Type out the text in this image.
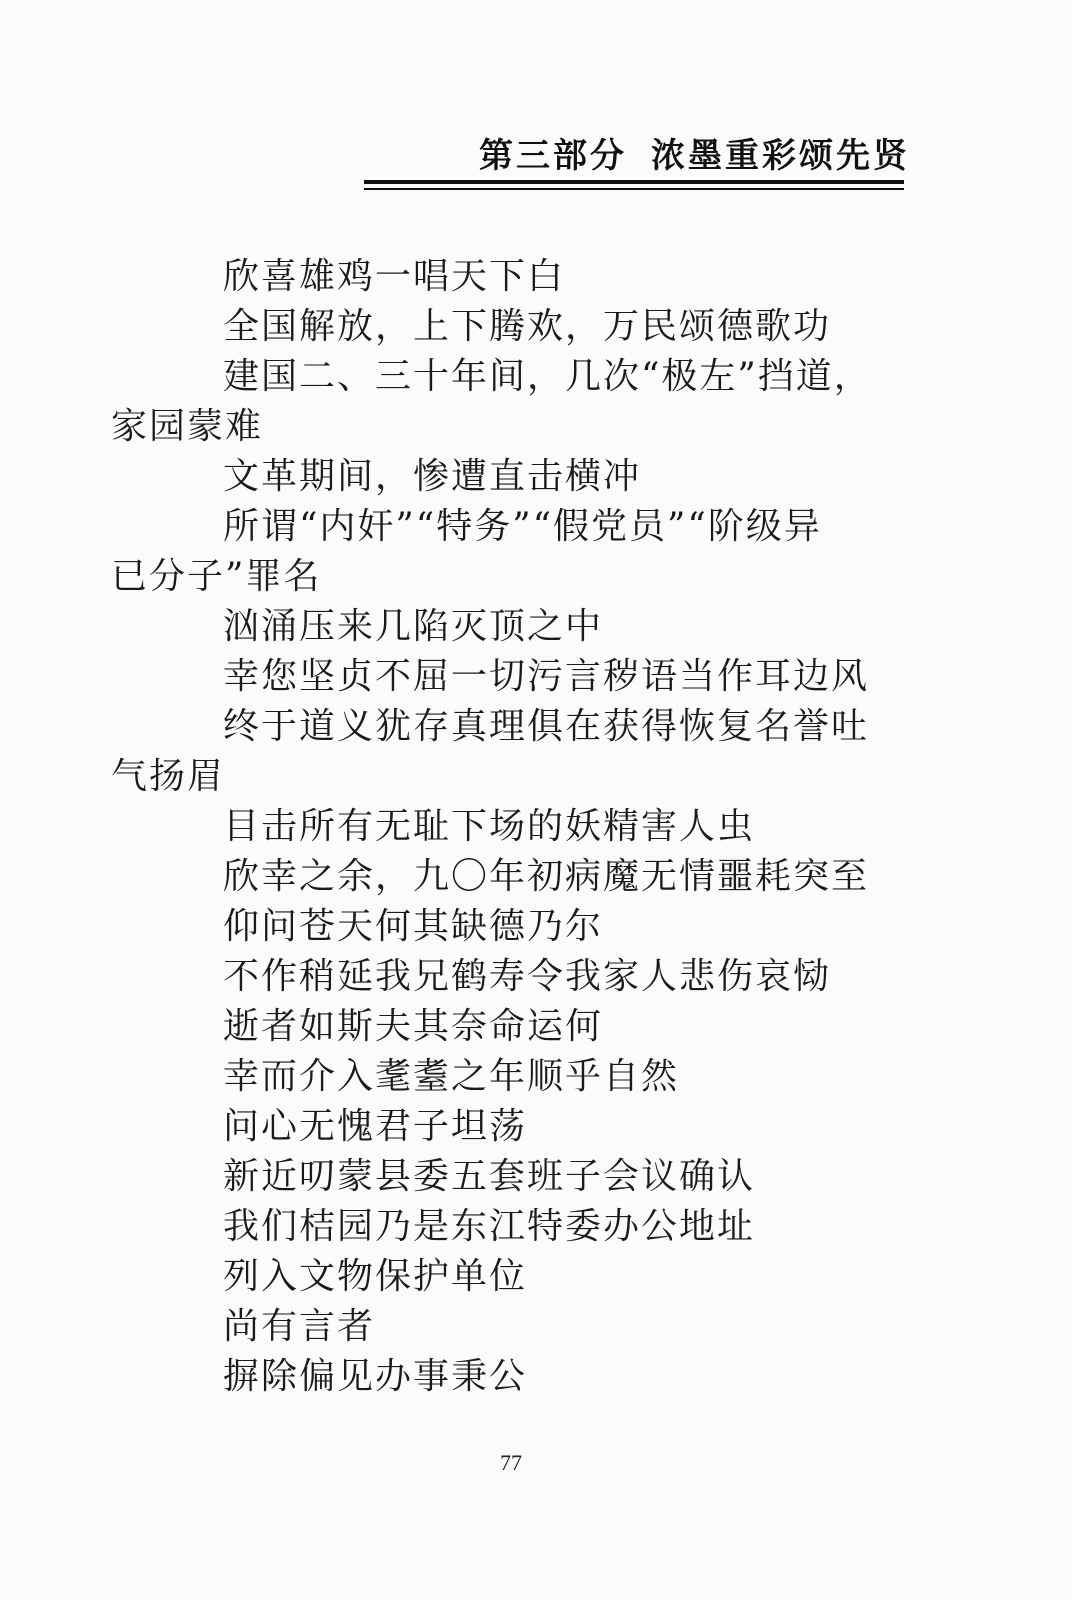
第三部分 浓墨重彩颂先贤
欣喜雄鸡一唱天下白
全国解放，上下腾欢，万民颂德歌功
建国二、三十年间，几次“极左”挡道，
家园蒙难
文革期间，惨遭直击横冲
所谓“内奸”“特务”“假党员”“阶级异
已分子”罪名
汹涌压来几陷灭顶之中
幸您坚贞不屈一切污言秽语当作耳边风
终于道义犹存真理俱在获得恢复名誉吐
气扬眉
目击所有无耻下场的妖精害人虫
欣幸之余，九〇年初病魔无情噩耗突至
仰问苍天何其缺德乃尔
不作稍延我兄鹤寿令我家人悲伤哀恸
逝者如斯夫其奈命运何
幸而介入耄耋之年顺乎自然
问心无愧君子坦荡
新近叨蒙县委五套班子会议确认
我们桔园乃是东江特委办公地址
列入文物保护单位
尚有言者
摒除偏见办事秉公
77
